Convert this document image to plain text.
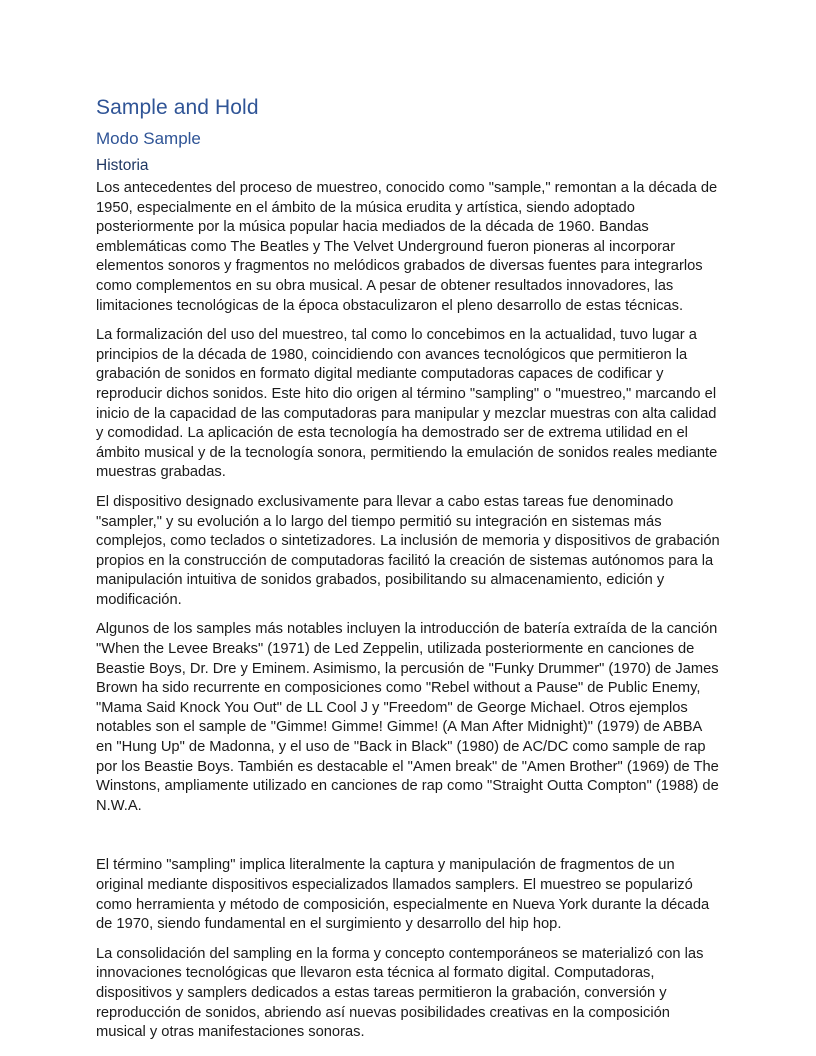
Sample and Hold
Modo Sample
Historia

Los antecedentes del proceso de muestreo, conocido como "sample," remontan a la década de 1950, especialmente en el ámbito de la música erudita y artística, siendo adoptado posteriormente por la música popular hacia mediados de la década de 1960. Bandas emblemáticas como The Beatles y The Velvet Underground fueron pioneras al incorporar elementos sonoros y fragmentos no melódicos grabados de diversas fuentes para integrarlos como complementos en su obra musical. A pesar de obtener resultados innovadores, las limitaciones tecnológicas de la época obstaculizaron el pleno desarrollo de estas técnicas.

La formalización del uso del muestreo, tal como lo concebimos en la actualidad, tuvo lugar a principios de la década de 1980, coincidiendo con avances tecnológicos que permitieron la grabación de sonidos en formato digital mediante computadoras capaces de codificar y reproducir dichos sonidos. Este hito dio origen al término "sampling" o "muestreo," marcando el inicio de la capacidad de las computadoras para manipular y mezclar muestras con alta calidad y comodidad. La aplicación de esta tecnología ha demostrado ser de extrema utilidad en el ámbito musical y de la tecnología sonora, permitiendo la emulación de sonidos reales mediante muestras grabadas.

El dispositivo designado exclusivamente para llevar a cabo estas tareas fue denominado "sampler," y su evolución a lo largo del tiempo permitió su integración en sistemas más complejos, como teclados o sintetizadores. La inclusión de memoria y dispositivos de grabación propios en la construcción de computadoras facilitó la creación de sistemas autónomos para la manipulación intuitiva de sonidos grabados, posibilitando su almacenamiento, edición y modificación.

Algunos de los samples más notables incluyen la introducción de batería extraída de la canción "When the Levee Breaks" (1971) de Led Zeppelin, utilizada posteriormente en canciones de Beastie Boys, Dr. Dre y Eminem. Asimismo, la percusión de "Funky Drummer" (1970) de James Brown ha sido recurrente en composiciones como "Rebel without a Pause" de Public Enemy, "Mama Said Knock You Out" de LL Cool J y "Freedom" de George Michael. Otros ejemplos notables son el sample de "Gimme! Gimme! Gimme! (A Man After Midnight)" (1979) de ABBA en "Hung Up" de Madonna, y el uso de "Back in Black" (1980) de AC/DC como sample de rap por los Beastie Boys. También es destacable el "Amen break" de "Amen Brother" (1969) de The Winstons, ampliamente utilizado en canciones de rap como "Straight Outta Compton" (1988) de N.W.A.

El término "sampling" implica literalmente la captura y manipulación de fragmentos de un original mediante dispositivos especializados llamados samplers. El muestreo se popularizó como herramienta y método de composición, especialmente en Nueva York durante la década de 1970, siendo fundamental en el surgimiento y desarrollo del hip hop.

La consolidación del sampling en la forma y concepto contemporáneos se materializó con las innovaciones tecnológicas que llevaron esta técnica al formato digital. Computadoras, dispositivos y samplers dedicados a estas tareas permitieron la grabación, conversión y reproducción de sonidos, abriendo así nuevas posibilidades creativas en la composición musical y otras manifestaciones sonoras.
